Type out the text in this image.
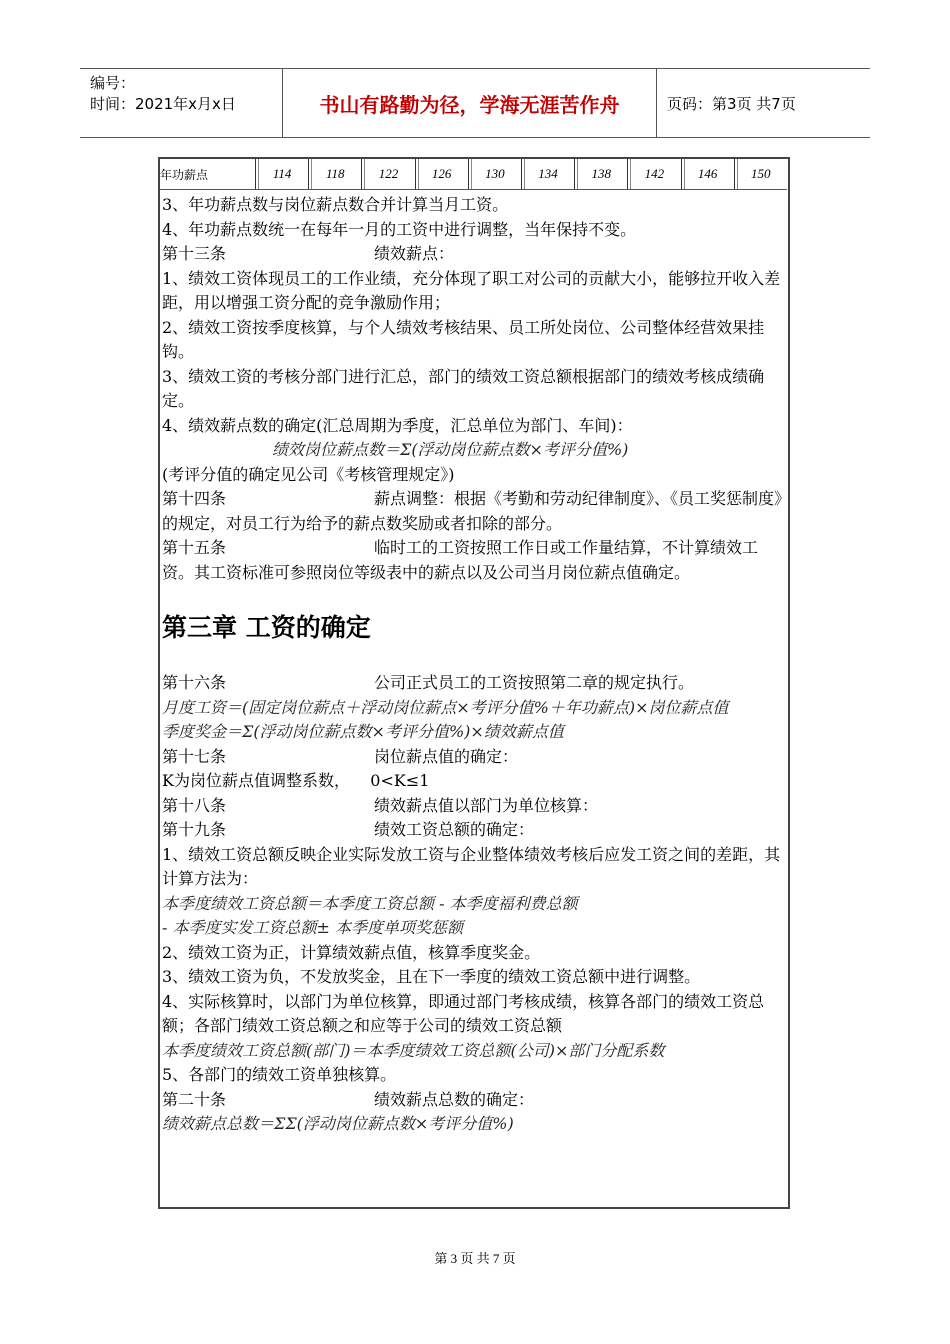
编号：
时间：2021年x月x日	书山有路勤为径，学海无涯苦作舟	页码：第3页 共7页
年功薪点	114	118	122	126	130	134	138	142	146	150

3、年功薪点数与岗位薪点数合并计算当月工资。

4、年功薪点数统一在每年一月的工资中进行调整，当年保持不变。

第十三条	绩效薪点：

1、绩效工资体现员工的工作业绩，充分体现了职工对公司的贡献大小，能够拉开收入差距，用以增强工资分配的竞争激励作用；

2、绩效工资按季度核算，与个人绩效考核结果、员工所处岗位、公司整体经营效果挂钩。

3、绩效工资的考核分部门进行汇总，部门的绩效工资总额根据部门的绩效考核成绩确定。

4、绩效薪点数的确定(汇总周期为季度，汇总单位为部门、车间)：

绩效岗位薪点数＝Σ(浮动岗位薪点数×考评分值%)

(考评分值的确定见公司《考核管理规定》)

第十四条	薪点调整：根据《考勤和劳动纪律制度》、《员工奖惩制度》的规定，对员工行为给予的薪点数奖励或者扣除的部分。

第十五条	临时工的工资按照工作日或工作量结算，不计算绩效工资。其工资标准可参照岗位等级表中的薪点以及公司当月岗位薪点值确定。

第三章 工资的确定

第十六条	公司正式员工的工资按照第二章的规定执行。

月度工资＝(固定岗位薪点＋浮动岗位薪点×考评分值%＋年功薪点)×岗位薪点值

季度奖金＝Σ(浮动岗位薪点数×考评分值%)×绩效薪点值

第十七条	岗位薪点值的确定：

K为岗位薪点值调整系数，    0<K≤1

第十八条	绩效薪点值以部门为单位核算：

第十九条	绩效工资总额的确定：

1、绩效工资总额反映企业实际发放工资与企业整体绩效考核后应发工资之间的差距，其计算方法为：

本季度绩效工资总额＝本季度工资总额 - 本季度福利费总额

- 本季度实发工资总额± 本季度单项奖惩额

2、绩效工资为正，计算绩效薪点值，核算季度奖金。

3、绩效工资为负，不发放奖金，且在下一季度的绩效工资总额中进行调整。

4、实际核算时，以部门为单位核算，即通过部门考核成绩，核算各部门的绩效工资总额；各部门绩效工资总额之和应等于公司的绩效工资总额

本季度绩效工资总额(部门)＝本季度绩效工资总额(公司)×部门分配系数

5、各部门的绩效工资单独核算。

第二十条	绩效薪点总数的确定：

绩效薪点总数＝ΣΣ(浮动岗位薪点数×考评分值%)

第 3 页 共 7 页
